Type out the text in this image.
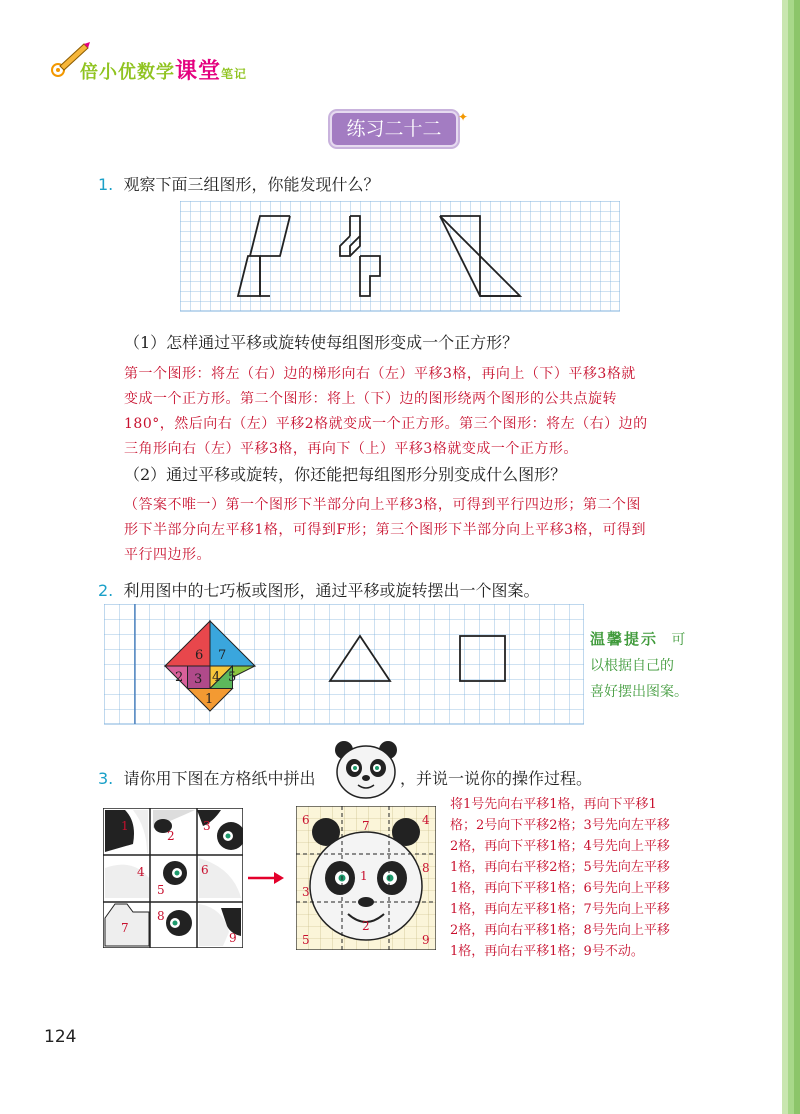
倍小优数学课堂笔记
练习二十二
✦
1. 观察下面三组图形，你能发现什么？
（1）怎样通过平移或旋转使每组图形变成一个正方形？
第一个图形：将左（右）边的梯形向右（左）平移3格，再向上（下）平移3格就
变成一个正方形。第二个图形：将上（下）边的图形绕两个图形的公共点旋转
180°，然后向右（左）平移2格就变成一个正方形。第三个图形：将左（右）边的
三角形向右（左）平移3格，再向下（上）平移3格就变成一个正方形。
（2）通过平移或旋转，你还能把每组图形分别变成什么图形？
（答案不唯一）第一个图形下半部分向上平移3格，可得到平行四边形；第二个图
形下半部分向左平移1格，可得到F形；第三个图形下半部分向上平移3格，可得到
平行四边形。
2. 利用图中的七巧板或图形，通过平移或旋转摆出一个图案。
6 7
2 3 4 5
1
温馨提示 可
以根据自己的
喜好摆出图案。
3. 请你用下图在方格纸中拼出	，并说一说你的操作过程。
1
2
3
4
5
6
7
8
9
6	7	4
1
8
3
2
5	9
将1号先向右平移1格，再向下平移1
格；2号向下平移2格；3号先向左平移
2格，再向下平移1格；4号先向上平移
1格，再向右平移2格；5号先向左平移
1格，再向下平移1格；6号先向上平移
1格，再向左平移1格；7号先向上平移
2格，再向右平移1格；8号先向上平移
1格，再向右平移1格；9号不动。
124
